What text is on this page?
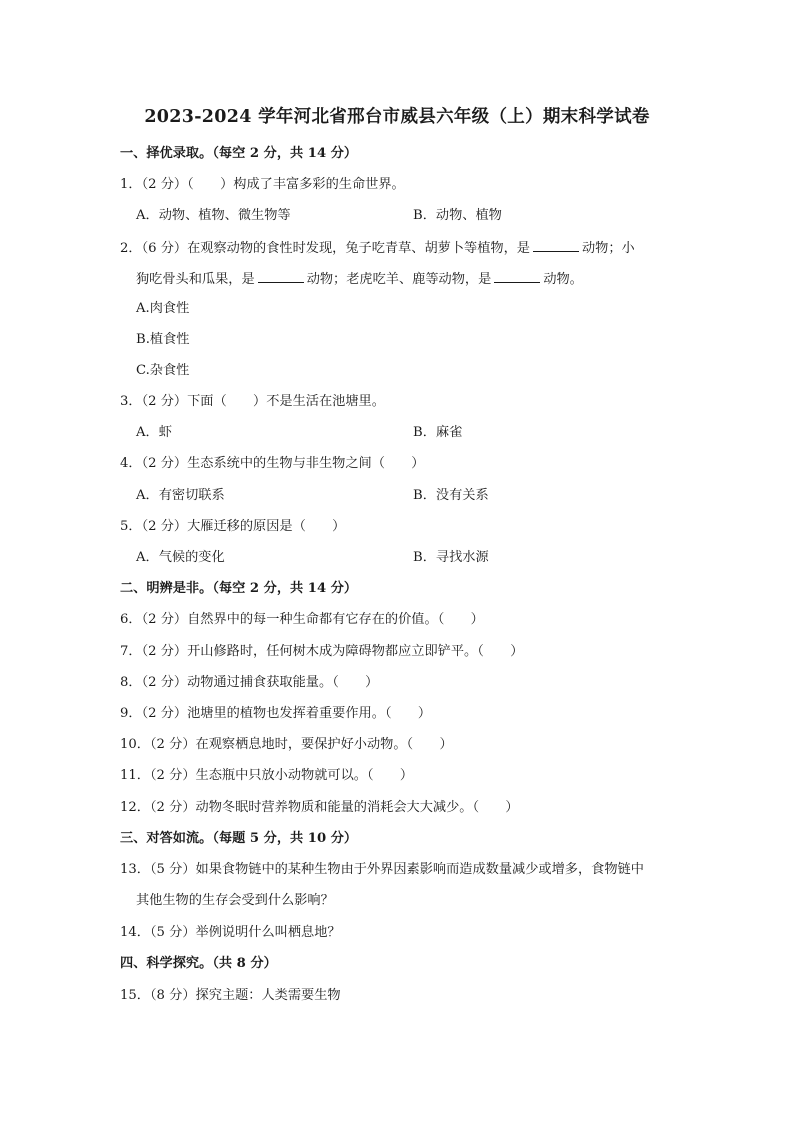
2023-2024 学年河北省邢台市威县六年级（上）期末科学试卷
一、择优录取。（每空 2 分，共 14 分）
1．（2 分）（　　）构成了丰富多彩的生命世界。
A．动物、植物、微生物等	B．动物、植物
2．（6 分）在观察动物的食性时发现，兔子吃青草、胡萝卜等植物，是	动物；小
狗吃骨头和瓜果，是	动物；老虎吃羊、鹿等动物，是	动物。
A.肉食性
B.植食性
C.杂食性
3．（2 分）下面（　　）不是生活在池塘里。
A．虾	B．麻雀
4．（2 分）生态系统中的生物与非生物之间（　　）
A．有密切联系	B．没有关系
5．（2 分）大雁迁移的原因是（　　）
A．气候的变化	B．寻找水源
二、明辨是非。（每空 2 分，共 14 分）
6．（2 分）自然界中的每一种生命都有它存在的价值。（　　）
7．（2 分）开山修路时，任何树木成为障碍物都应立即铲平。（　　）
8．（2 分）动物通过捕食获取能量。（　　）
9．（2 分）池塘里的植物也发挥着重要作用。（　　）
10．（2 分）在观察栖息地时，要保护好小动物。（　　）
11．（2 分）生态瓶中只放小动物就可以。（　　）
12．（2 分）动物冬眠时营养物质和能量的消耗会大大减少。（　　）
三、对答如流。（每题 5 分，共 10 分）
13．（5 分）如果食物链中的某种生物由于外界因素影响而造成数量减少或增多，食物链中
其他生物的生存会受到什么影响？
14．（5 分）举例说明什么叫栖息地？
四、科学探究。（共 8 分）
15．（8 分）探究主题：人类需要生物
